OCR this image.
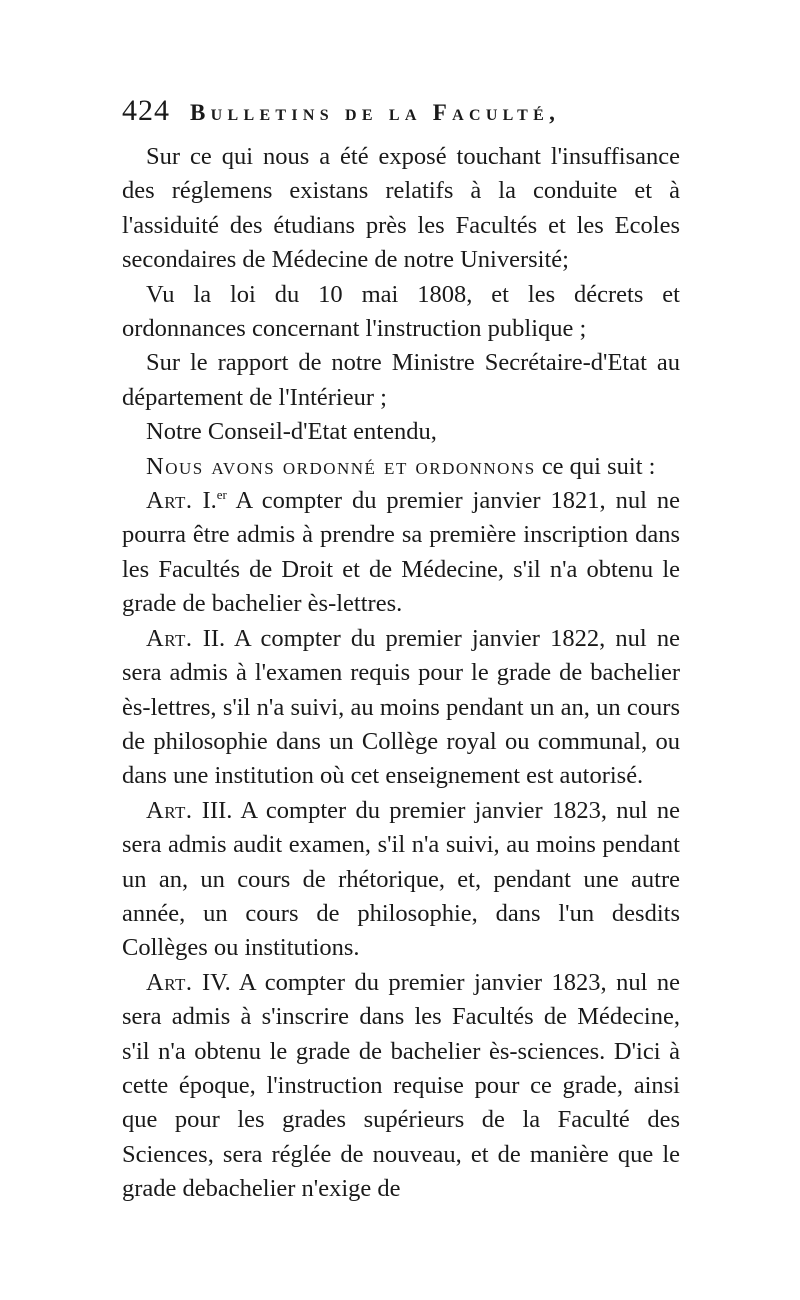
424 Bulletins de la Faculté,

Sur ce qui nous a été exposé touchant l'insuffisance des réglemens existans relatifs à la conduite et à l'assiduité des étudians près les Facultés et les Ecoles secondaires de Médecine de notre Université;

Vu la loi du 10 mai 1808, et les décrets et ordonnances concernant l'instruction publique ;

Sur le rapport de notre Ministre Secrétaire-d'Etat au département de l'Intérieur ;

Notre Conseil-d'Etat entendu,

Nous avons ordonné et ordonnons ce qui suit :

Art. I.$^{er}$ A compter du premier janvier 1821, nul ne pourra être admis à prendre sa première inscription dans les Facultés de Droit et de Médecine, s'il n'a obtenu le grade de bachelier ès-lettres.

Art. II. A compter du premier janvier 1822, nul ne sera admis à l'examen requis pour le grade de bachelier ès-lettres, s'il n'a suivi, au moins pendant un an, un cours de philosophie dans un Collège royal ou communal, ou dans une institution où cet enseignement est autorisé.

Art. III. A compter du premier janvier 1823, nul ne sera admis audit examen, s'il n'a suivi, au moins pendant un an, un cours de rhétorique, et, pendant une autre année, un cours de philosophie, dans l'un desdits Collèges ou institutions.

Art. IV. A compter du premier janvier 1823, nul ne sera admis à s'inscrire dans les Facultés de Médecine, s'il n'a obtenu le grade de bachelier ès-sciences. D'ici à cette époque, l'instruction requise pour ce grade, ainsi que pour les grades supérieurs de la Faculté des Sciences, sera réglée de nouveau, et de manière que le grade debachelier n'exige de
